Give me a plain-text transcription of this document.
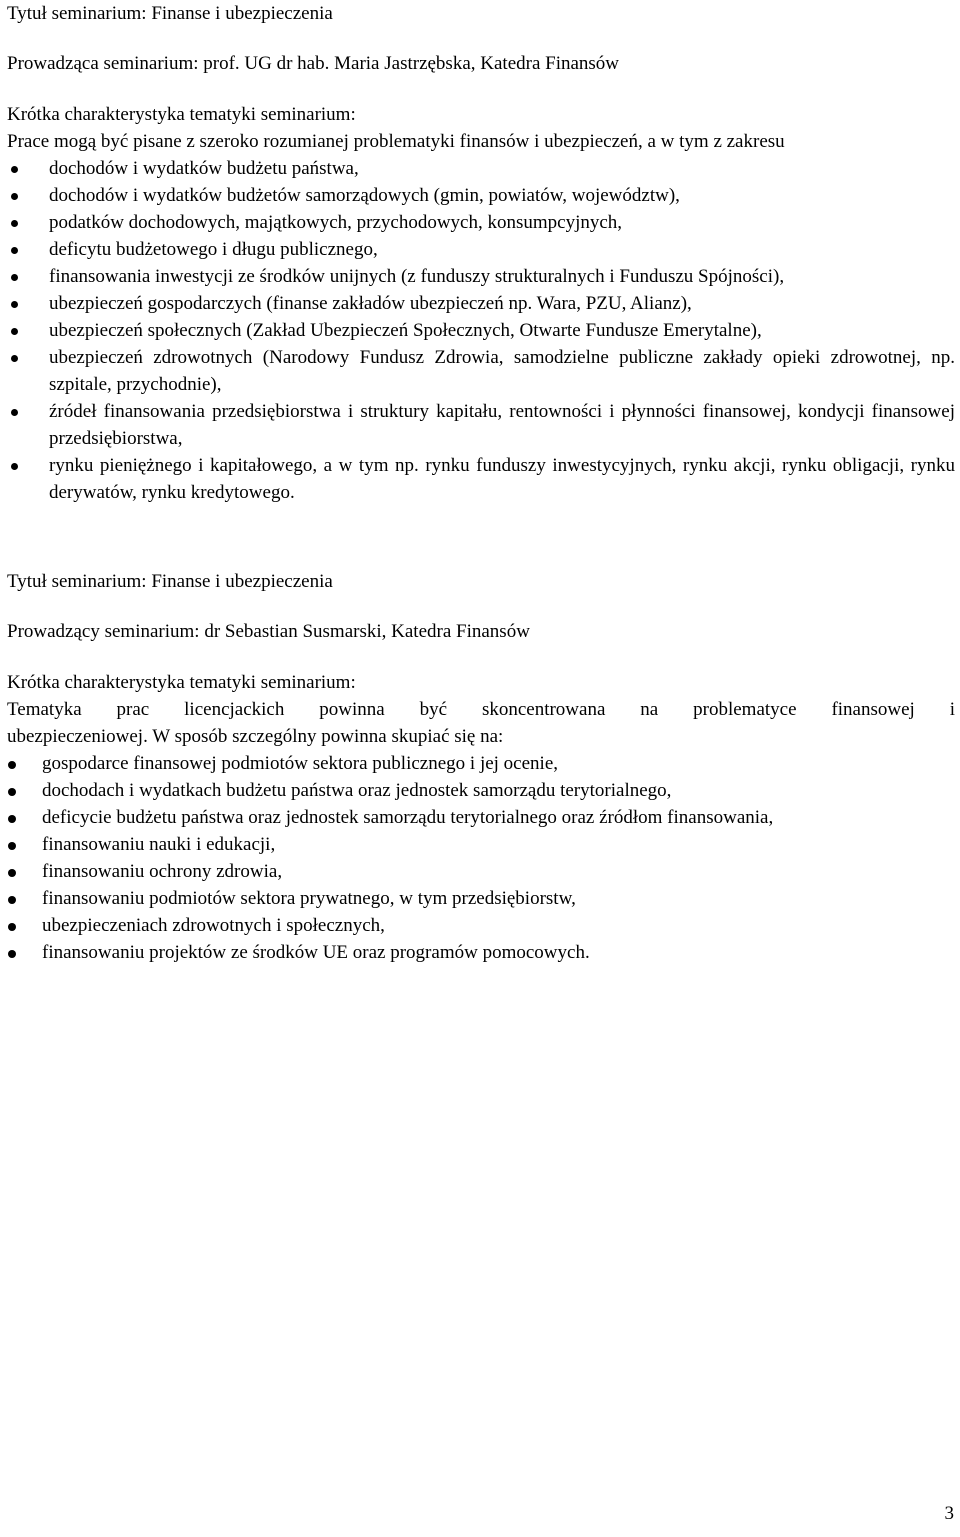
Tytuł seminarium: Finanse i ubezpieczenia
Prowadząca seminarium: prof. UG dr hab. Maria Jastrzębska, Katedra Finansów
Krótka charakterystyka tematyki seminarium:
Prace mogą być pisane z szeroko rozumianej problematyki finansów i ubezpieczeń, a w tym z zakresu
dochodów i wydatków budżetu państwa,
dochodów i wydatków budżetów samorządowych (gmin, powiatów, województw),
podatków dochodowych, majątkowych, przychodowych, konsumpcyjnych,
deficytu budżetowego i długu publicznego,
finansowania inwestycji ze środków unijnych (z funduszy strukturalnych i Funduszu Spójności),
ubezpieczeń gospodarczych (finanse zakładów ubezpieczeń np. Wara, PZU, Alianz),
ubezpieczeń społecznych (Zakład Ubezpieczeń Społecznych, Otwarte Fundusze Emerytalne),
ubezpieczeń zdrowotnych (Narodowy Fundusz Zdrowia, samodzielne publiczne zakłady opieki zdrowotnej, np. szpitale, przychodnie),
źródeł finansowania przedsiębiorstwa i struktury kapitału, rentowności i płynności finansowej, kondycji finansowej przedsiębiorstwa,
rynku pieniężnego i kapitałowego, a w tym np. rynku funduszy inwestycyjnych, rynku akcji, rynku obligacji, rynku derywatów, rynku kredytowego.
Tytuł seminarium: Finanse i ubezpieczenia
Prowadzący seminarium: dr Sebastian Susmarski, Katedra Finansów
Krótka charakterystyka tematyki seminarium:
Tematyka prac licencjackich powinna być skoncentrowana na problematyce finansowej i
ubezpieczeniowej. W sposób szczególny powinna skupiać się na:
gospodarce finansowej podmiotów sektora publicznego i jej ocenie,
dochodach i wydatkach budżetu państwa oraz jednostek samorządu terytorialnego,
deficycie budżetu państwa oraz jednostek samorządu terytorialnego oraz źródłom finansowania,
finansowaniu nauki i edukacji,
finansowaniu ochrony zdrowia,
finansowaniu podmiotów sektora prywatnego, w tym przedsiębiorstw,
ubezpieczeniach zdrowotnych i społecznych,
finansowaniu projektów ze środków UE oraz programów pomocowych.
3
